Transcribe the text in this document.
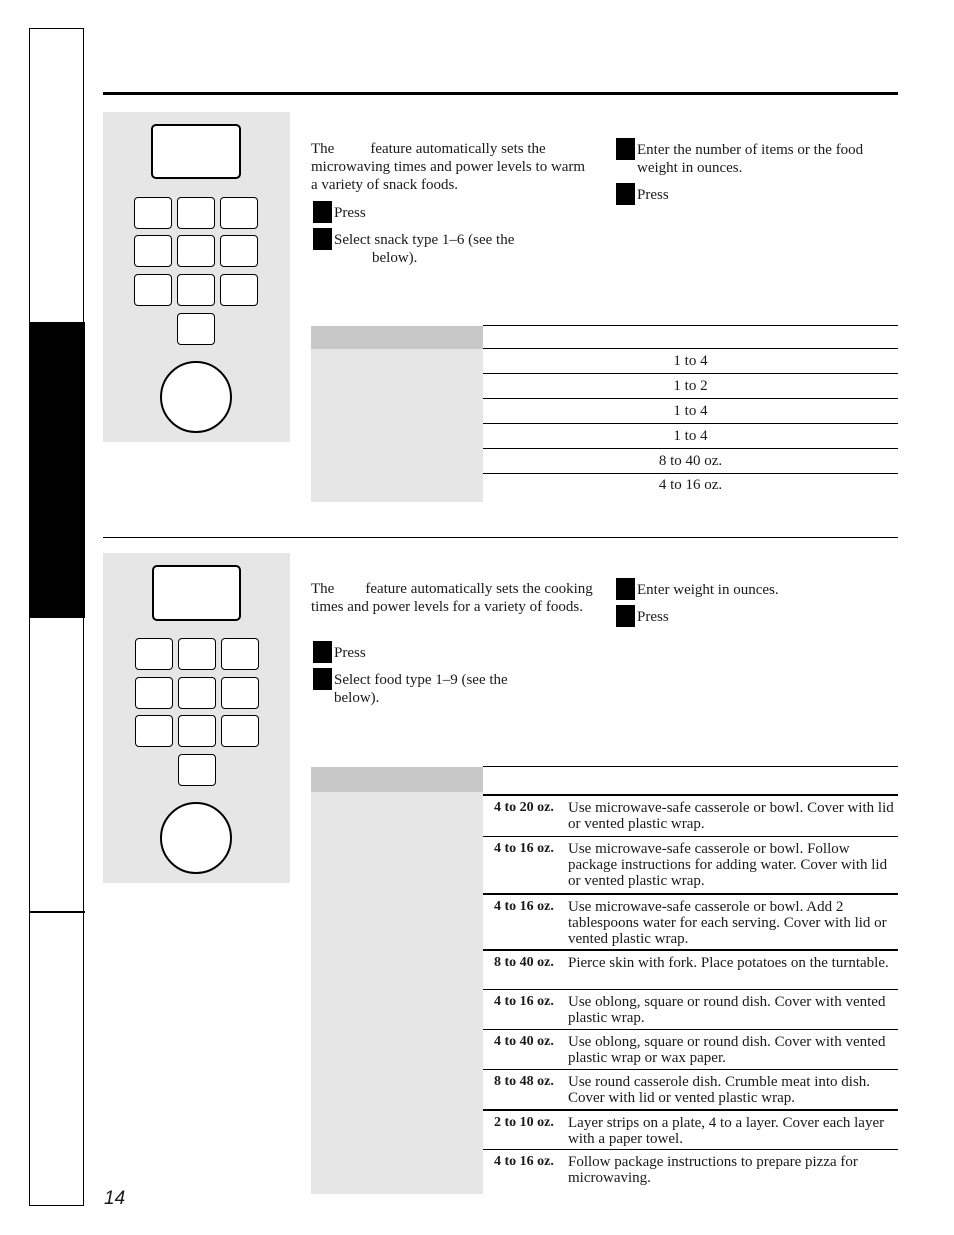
The feature automatically sets the microwaving times and power levels to warm a variety of snack foods.

Press
Select snack type 1–6 (see the
below).
Enter the number of items or the food weight in ounces.
Press

	1 to 4
	1 to 2
	1 to 4
	1 to 4
	8 to 40 oz.
	4 to 16 oz.

The feature automatically sets the cooking times and power levels for a variety of foods.

Press
Select food type 1–9 (see the below).
Enter weight in ounces.
Press

	4 to 20 oz.	Use microwave-safe casserole or bowl. Cover with lid or vented plastic wrap.
	4 to 16 oz.	Use microwave-safe casserole or bowl. Follow package instructions for adding water. Cover with lid or vented plastic wrap.
	4 to 16 oz.	Use microwave-safe casserole or bowl. Add 2 tablespoons water for each serving. Cover with lid or vented plastic wrap.
	8 to 40 oz.	Pierce skin with fork. Place potatoes on the turntable.
	4 to 16 oz.	Use oblong, square or round dish. Cover with vented plastic wrap.
	4 to 40 oz.	Use oblong, square or round dish. Cover with vented plastic wrap or wax paper.
	8 to 48 oz.	Use round casserole dish. Crumble meat into dish. Cover with lid or vented plastic wrap.
	2 to 10 oz.	Layer strips on a plate, 4 to a layer. Cover each layer with a paper towel.
	4 to 16 oz.	Follow package instructions to prepare pizza for microwaving.
14
